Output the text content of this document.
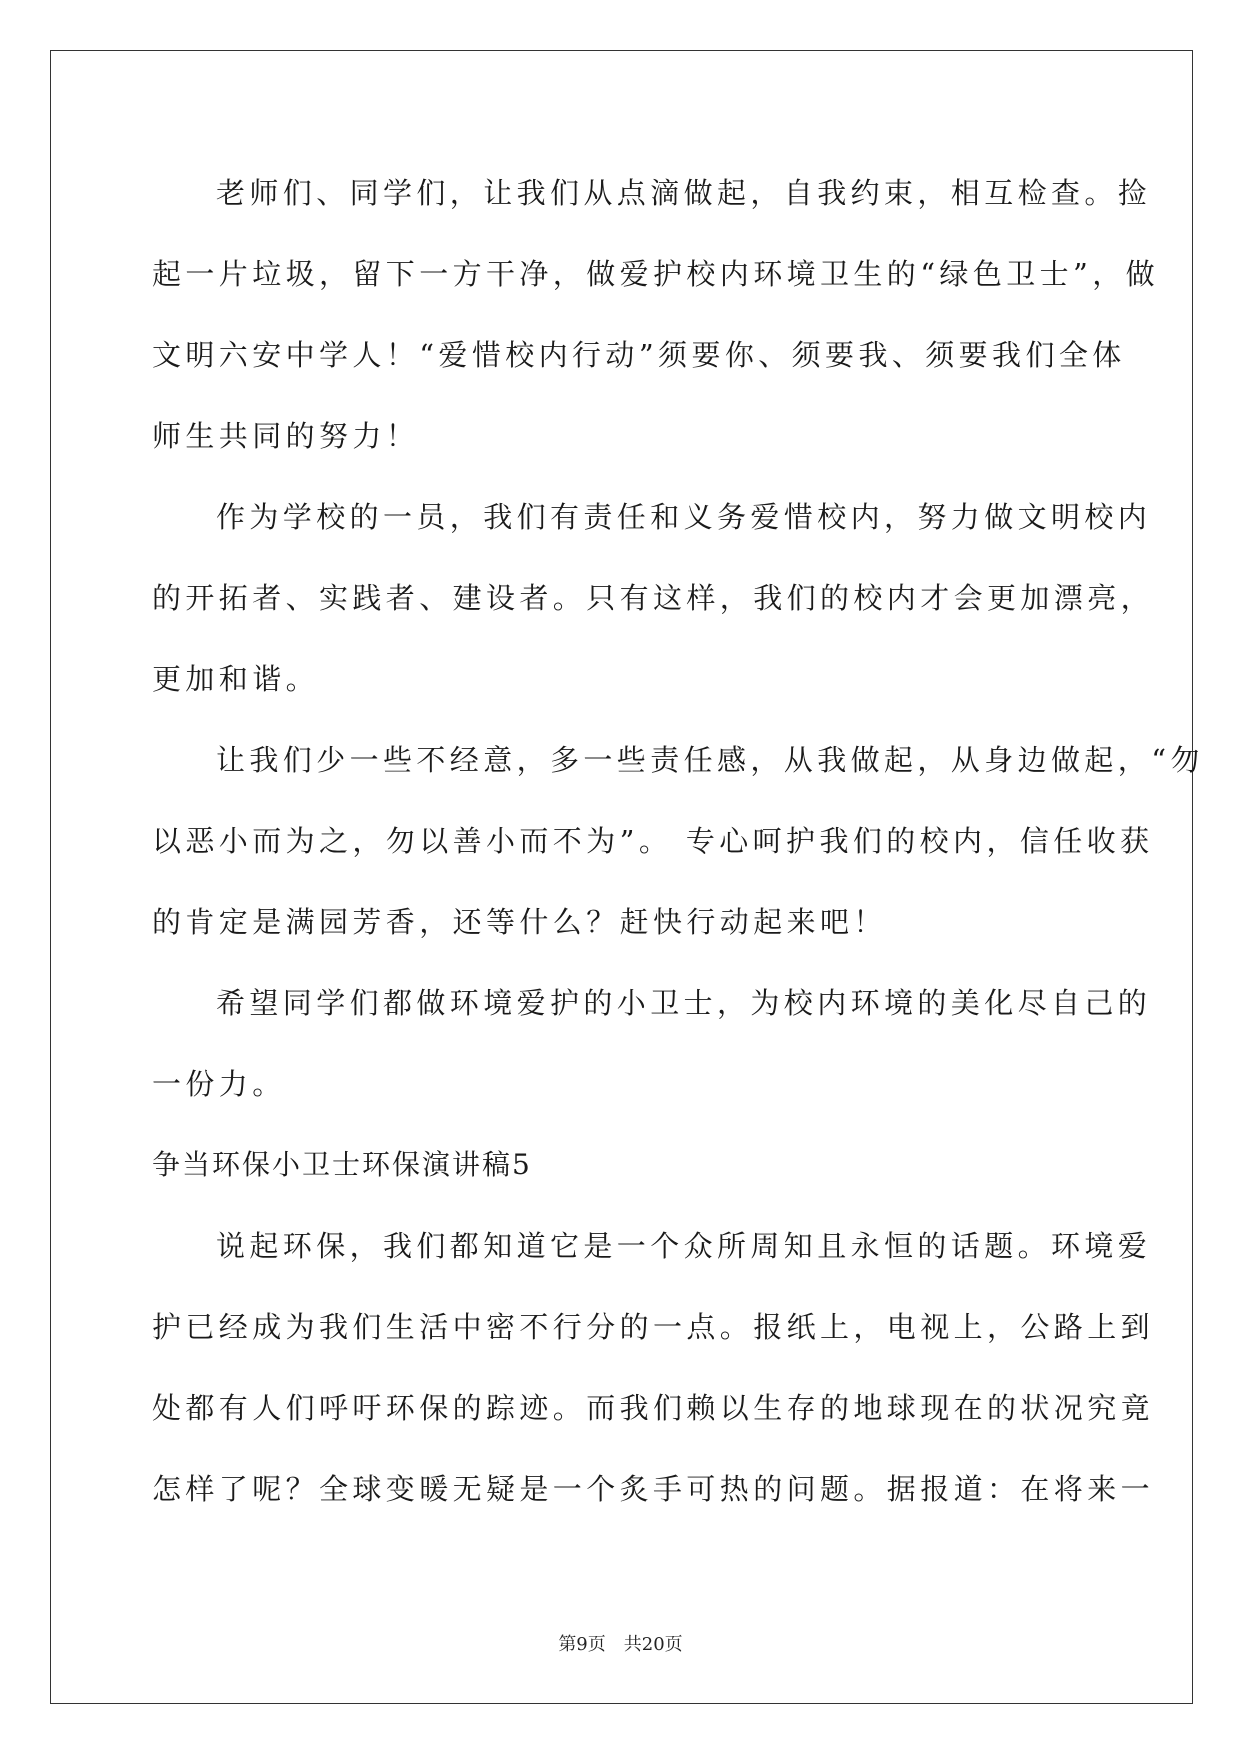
老师们、同学们，让我们从点滴做起，自我约束，相互检查。捡
起一片垃圾，留下一方干净，做爱护校内环境卫生的“绿色卫士”，做
文明六安中学人！“爱惜校内行动”须要你、须要我、须要我们全体
师生共同的努力！
作为学校的一员，我们有责任和义务爱惜校内，努力做文明校内
的开拓者、实践者、建设者。只有这样，我们的校内才会更加漂亮，
更加和谐。
让我们少一些不经意，多一些责任感，从我做起，从身边做起，“勿
以恶小而为之，勿以善小而不为”。 专心呵护我们的校内，信任收获
的肯定是满园芳香，还等什么？赶快行动起来吧！
希望同学们都做环境爱护的小卫士，为校内环境的美化尽自己的
一份力。
争当环保小卫士环保演讲稿5
说起环保，我们都知道它是一个众所周知且永恒的话题。环境爱
护已经成为我们生活中密不行分的一点。报纸上，电视上，公路上到
处都有人们呼吁环保的踪迹。而我们赖以生存的地球现在的状况究竟
怎样了呢？全球变暖无疑是一个炙手可热的问题。据报道：在将来一
第9页 共20页
